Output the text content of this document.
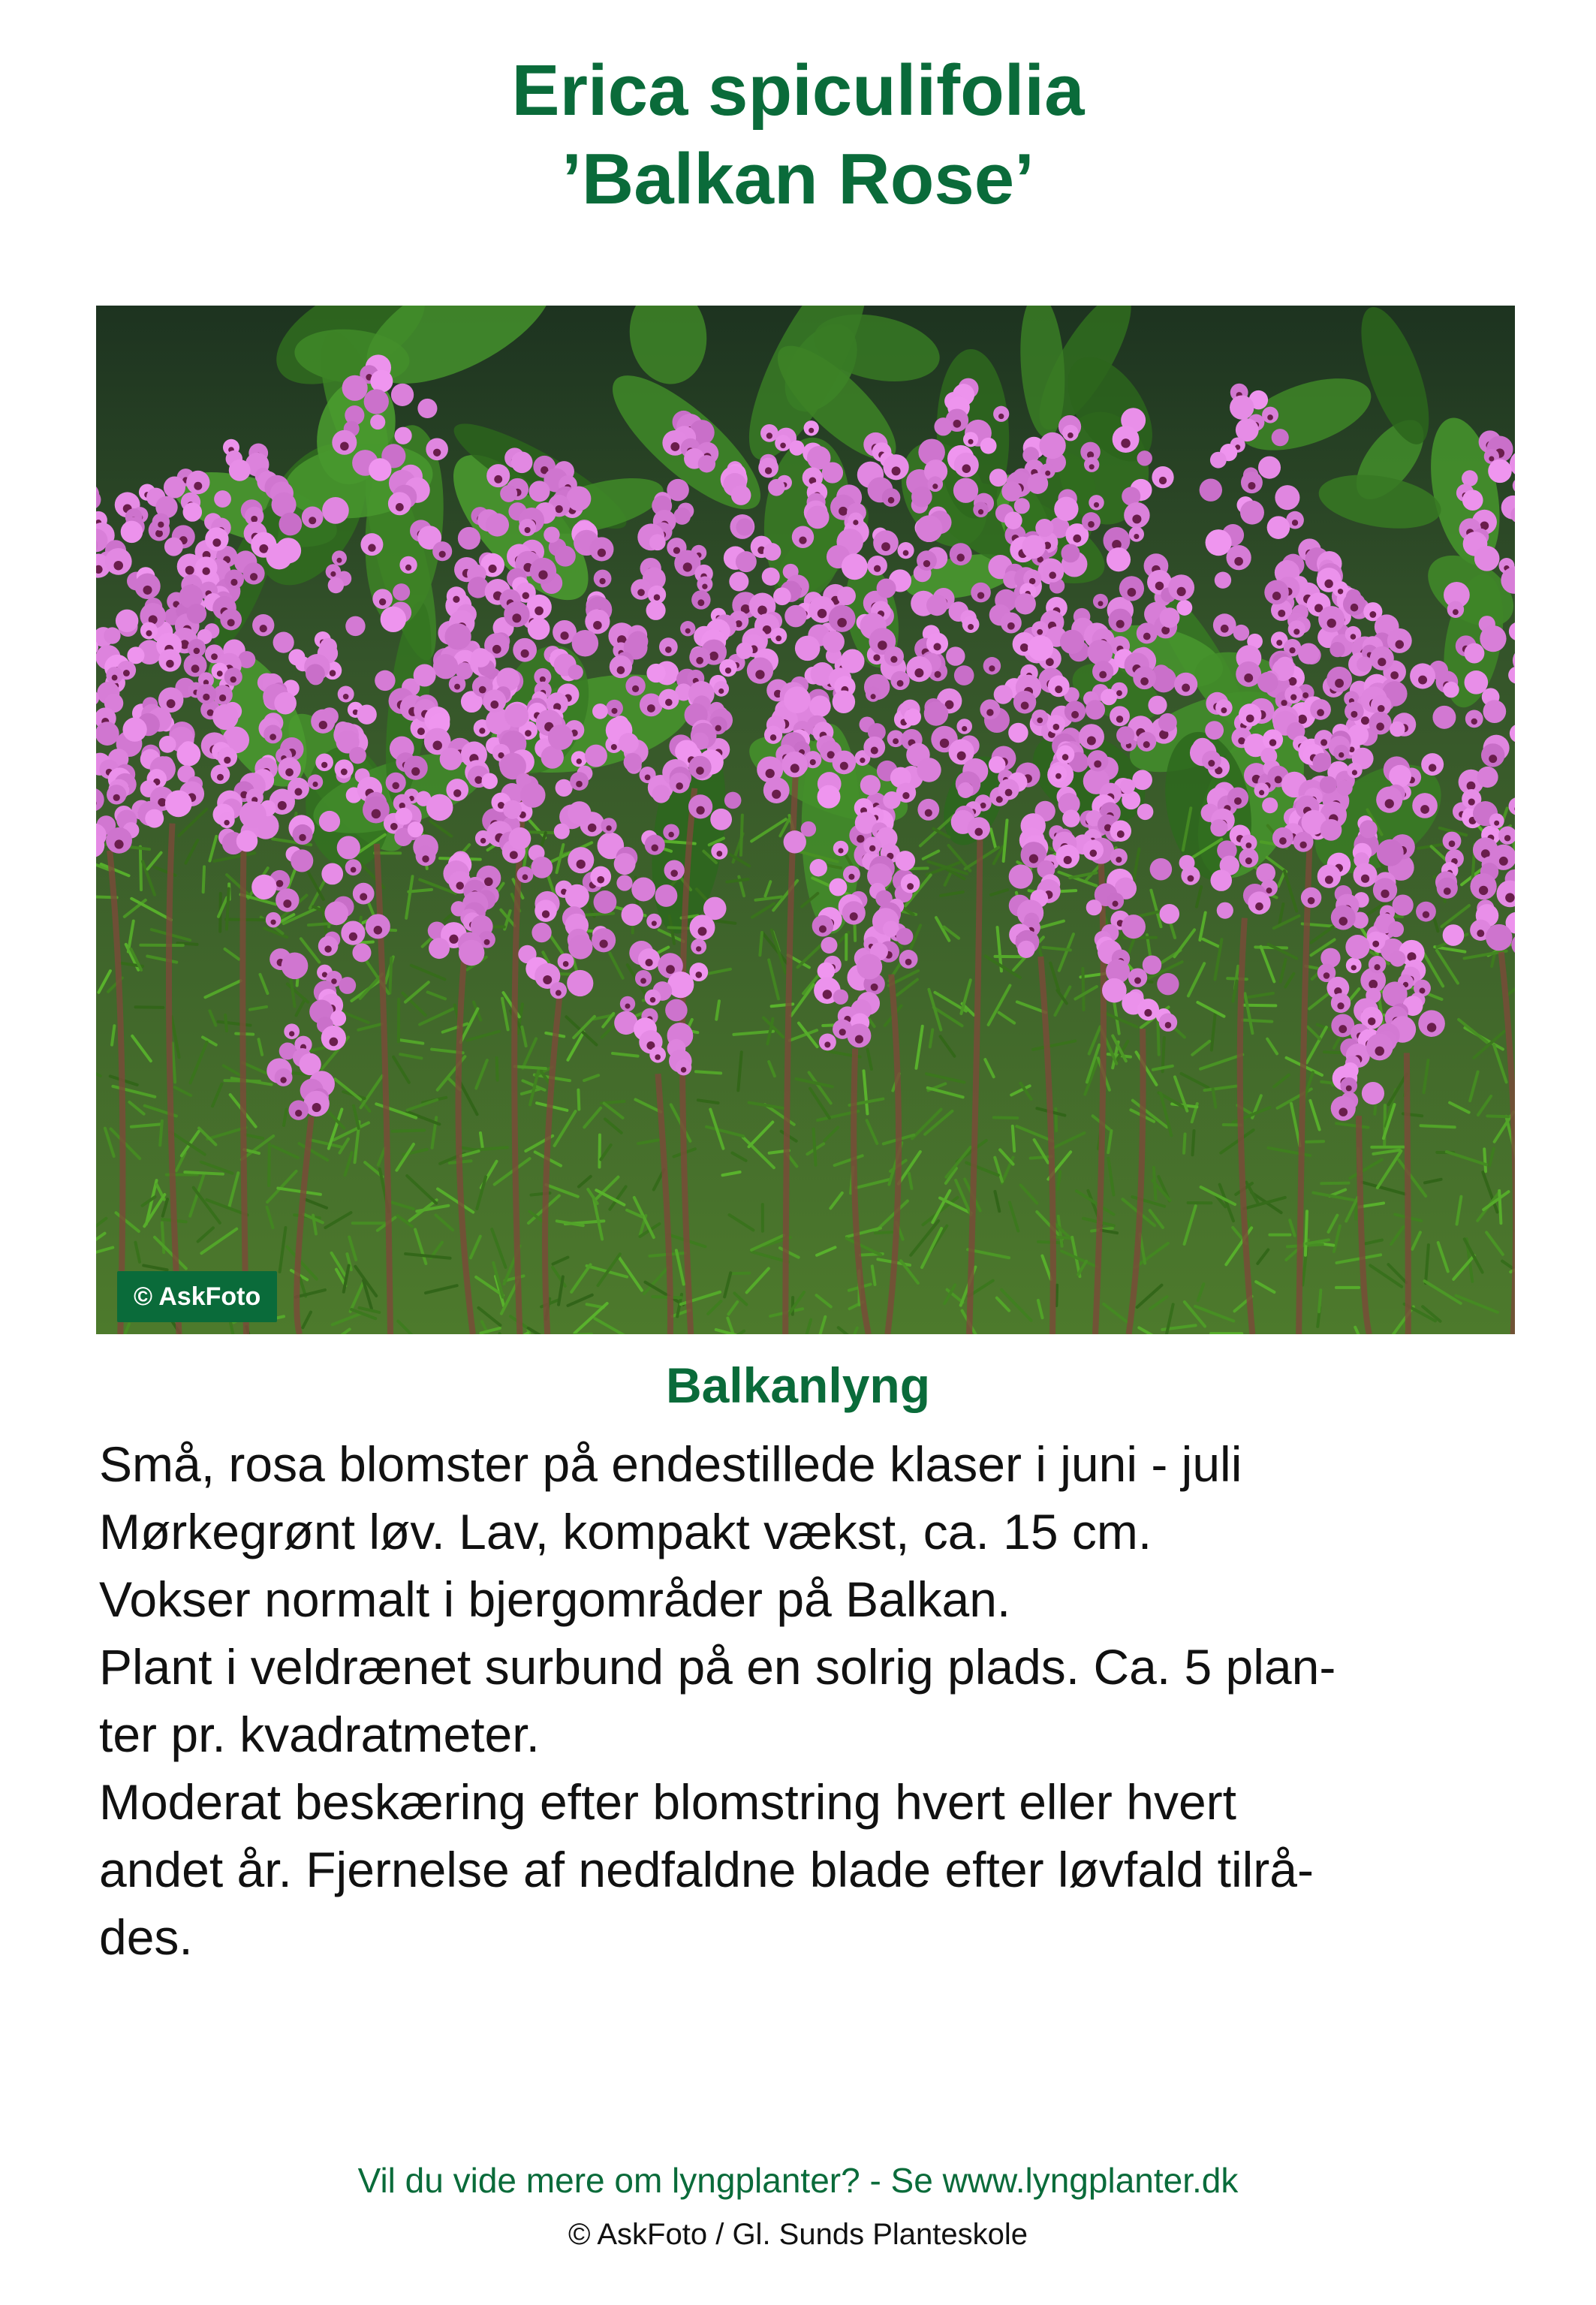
Erica spiculifolia
’Balkan Rose’
© AskFoto
Balkanlyng
Små, rosa blomster på endestillede klaser i juni - juli
Mørkegrønt løv. Lav, kompakt vækst, ca. 15 cm.
Vokser normalt i bjergområder på Balkan.
Plant i veldrænet surbund på en solrig plads. Ca. 5 plan-
ter pr. kvadratmeter.
Moderat beskæring efter blomstring hvert eller hvert
andet år. Fjernelse af nedfaldne blade efter løvfald tilrå-
des.
Vil du vide mere om lyngplanter? - Se www.lyngplanter.dk
© AskFoto / Gl. Sunds Planteskole
